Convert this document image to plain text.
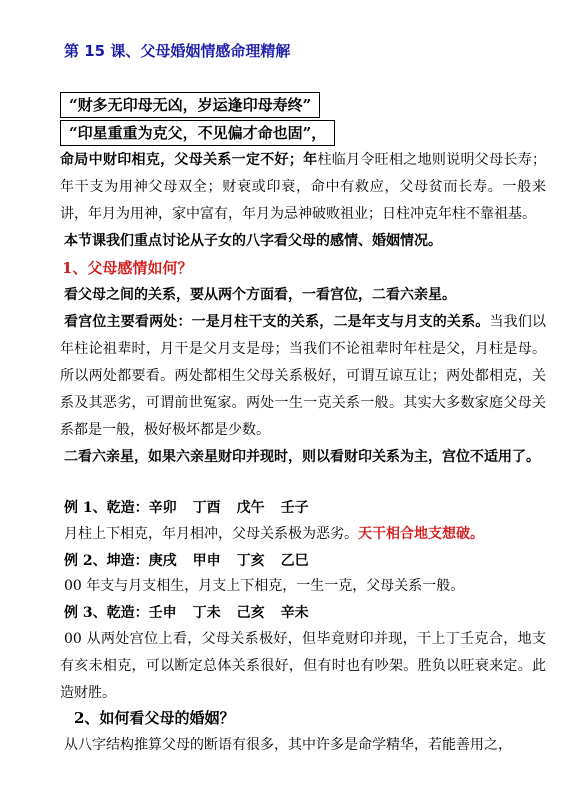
第 15 课、父母婚姻情感命理精解
“财多无印母无凶，岁运逢印母寿终”
“印星重重为克父，不见偏才命也固”，
命局中财印相克，父母关系一定不好；年柱临月令旺相之地则说明父母长寿；年干支为用神父母双全；财衰或印衰，命中有救应，父母贫而长寿。一般来讲，年月为用神，家中富有，年月为忌神破败祖业；日柱冲克年柱不靠祖基。
本节课我们重点讨论从子女的八字看父母的感情、婚姻情况。
1、父母感情如何？
看父母之间的关系，要从两个方面看，一看宫位，二看六亲星。
看宫位主要看两处：一是月柱干支的关系，二是年支与月支的关系。当我们以年柱论祖辈时，月干是父月支是母；当我们不论祖辈时年柱是父，月柱是母。所以两处都要看。两处都相生父母关系极好，可谓互谅互让；两处都相克，关系及其恶劣，可谓前世冤家。两处一生一克关系一般。其实大多数家庭父母关系都是一般，极好极坏都是少数。
二看六亲星，如果六亲星财印并现时，则以看财印关系为主，宫位不适用了。
例 1、乾造：辛卯 丁酉 戊午 壬子
月柱上下相克，年月相冲，父母关系极为恶劣。天干相合地支想破。
例 2、坤造：庚戌 甲申 丁亥 乙巳
00 年支与月支相生，月支上下相克，一生一克，父母关系一般。
例 3、乾造：壬申 丁未 己亥 辛未
00 从两处宫位上看，父母关系极好，但毕竟财印并现，干上丁壬克合，地支有亥未相克，可以断定总体关系很好，但有时也有吵架。胜负以旺衰来定。此造财胜。
2、如何看父母的婚姻？
从八字结构推算父母的断语有很多，其中许多是命学精华，若能善用之，
